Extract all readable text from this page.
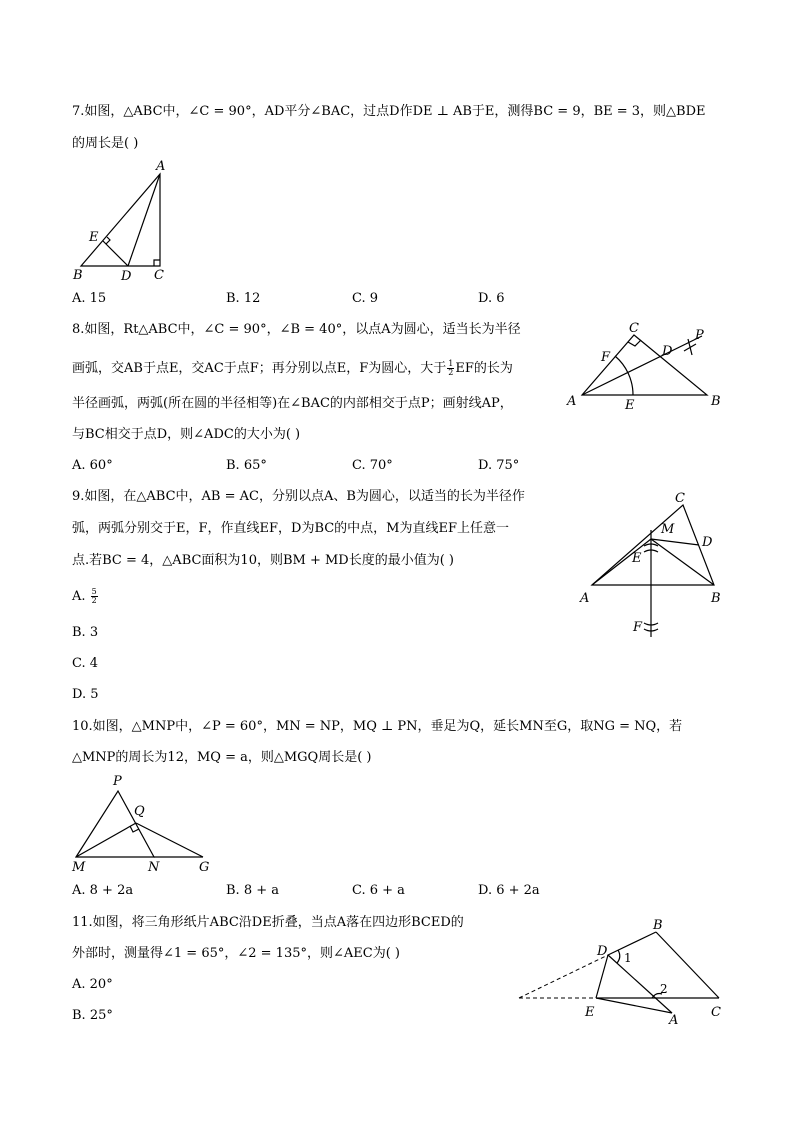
7.如图，△ABC中，∠C = 90°，AD平分∠BAC，过点D作DE ⊥ AB于E，测得BC = 9，BE = 3，则△BDE
的周长是( )
A
B	C
D
E
A. 15	B. 12	C. 9	D. 6
8.如图，Rt△ABC中，∠C = 90°，∠B = 40°，以点A为圆心，适当长为半径
画弧，交AB于点E，交AC于点F；再分别以点E，F为圆心，大于 $\frac{1}{2}$ EF的长为
半径画弧，两弧(所在圆的半径相等)在∠BAC的内部相交于点P；画射线AP，
与BC相交于点D，则∠ADC的大小为( )
A	B
C
D
E
F
P
A. 60°	B. 65°	C. 70°	D. 75°
9.如图，在△ABC中，AB = AC，分别以点A、B为圆心，以适当的长为半径作
弧，两弧分别交于E，F，作直线EF，D为BC的中点，M为直线EF上任意一
点.若BC = 4，△ABC面积为10，则BM + MD长度的最小值为( )
A. $\frac{5}{2}$
B. 3
C. 4
D. 5
A	B
C
D
E
F
M
10.如图，△MNP中，∠P = 60°，MN = NP，MQ ⊥ PN，垂足为Q，延长MN至G，取NG = NQ，若
△MNP的周长为12，MQ = a，则△MGQ周长是( )
P
Q
M	N	G
A. 8 + 2a	B. 8 + a	C. 6 + a	D. 6 + 2a
11.如图，将三角形纸片ABC沿DE折叠，当点A落在四边形BCED的
外部时，测量得∠1 = 65°，∠2 = 135°，则∠AEC为( )
A. 20°
B. 25°
B
D
E
A
C
1
2
